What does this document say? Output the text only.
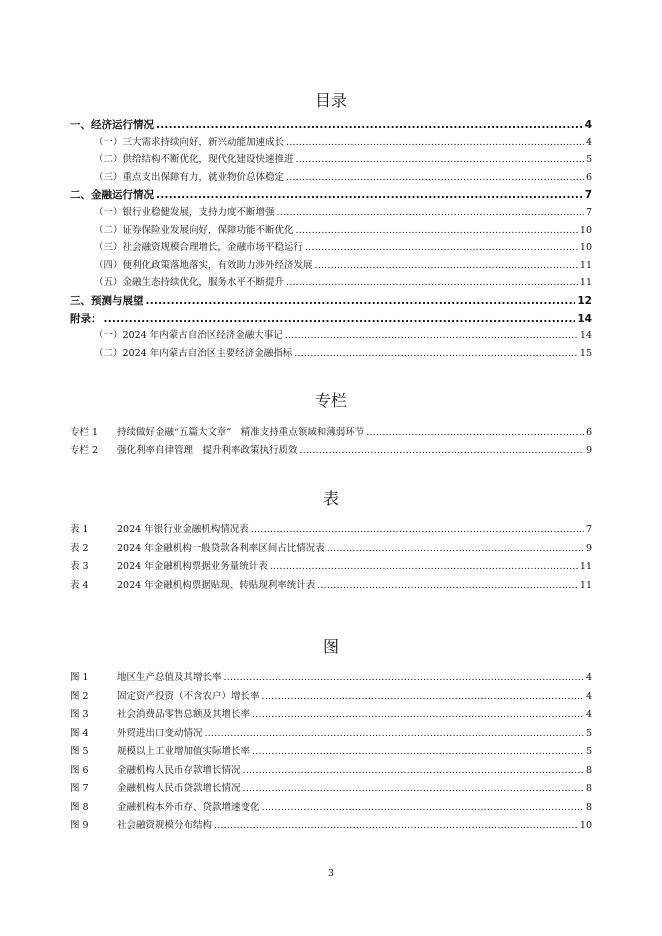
目录
一、经济运行情况 .....	4
（一）三大需求持续向好，新兴动能加速成长 .....	4
（二）供给结构不断优化，现代化建设快速推进 .....	5
（三）重点支出保障有力，就业物价总体稳定 .....	6
二、金融运行情况 .....	7
（一）银行业稳健发展，支持力度不断增强 .....	7
（二）证券保险业发展向好，保障功能不断优化 .....	10
（三）社会融资规模合理增长，金融市场平稳运行 .....	10
（四）便利化政策落地落实，有效助力涉外经济发展 .....	11
（五）金融生态持续优化，服务水平不断提升 .....	11
三、预测与展望 .....	12
附录： .....	14
（一）2024 年内蒙古自治区经济金融大事记 .....	14
（二）2024 年内蒙古自治区主要经济金融指标 .....	15
专栏
专栏 1 持续做好金融“五篇大文章”　精准支持重点领域和薄弱环节 .....	6
专栏 2 强化利率自律管理　提升利率政策执行质效 .....	9
表
表 1	2024 年银行业金融机构情况表 .....	7
表 2	2024 年金融机构一般贷款各利率区间占比情况表 .....	9
表 3	2024 年金融机构票据业务量统计表 .....	11
表 4	2024 年金融机构票据贴现、转贴现利率统计表 .....	11
图
图 1	地区生产总值及其增长率 .....	4
图 2	固定资产投资（不含农户）增长率 .....	4
图 3	社会消费品零售总额及其增长率 .....	4
图 4	外贸进出口变动情况 .....	5
图 5	规模以上工业增加值实际增长率 .....	5
图 6	金融机构人民币存款增长情况 .....	8
图 7	金融机构人民币贷款增长情况 .....	8
图 8	金融机构本外币存、贷款增速变化 .....	8
图 9	社会融资规模分布结构 .....	10
3
